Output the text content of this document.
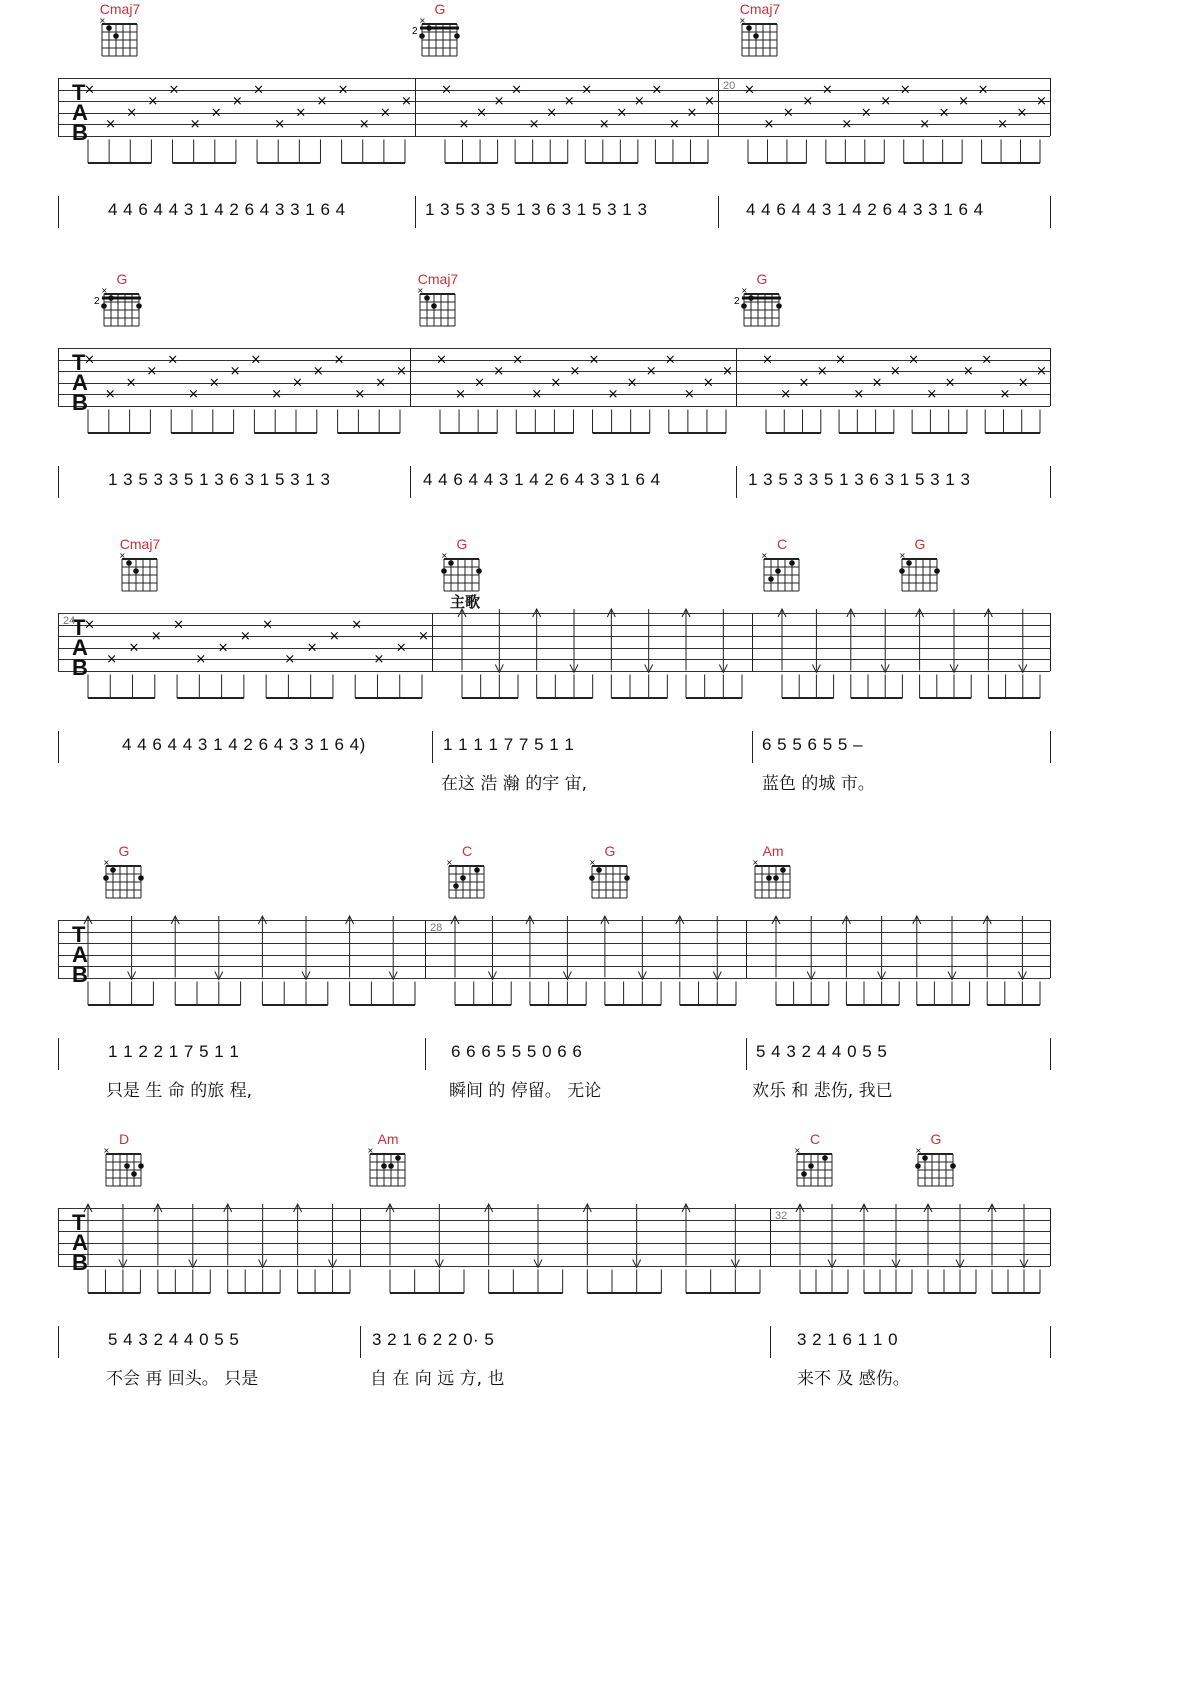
Cmaj7
×
G
2
×
Cmaj7
×
T
A
B
×
×
×
×
×
×
×
×
×
×
×
×
×
×
×
×
×
×
×
×
×
×
×
×
×
×
×
×
×
×
×
×
×
×
×
×
×
×
×
×
×
×
×
×
×
×
×
×
20
4 4 6 4 4 3 1 4 2 6 4 3 3 1 6 4	1 3 5 3 3 5 1 3 6 3 1 5 3 1 3	4 4 6 4 4 3 1 4 2 6 4 3 3 1 6 4
G
2
×
Cmaj7
×
G
2
×
T
A
B
×
×
×
×
×
×
×
×
×
×
×
×
×
×
×
×
×
×
×
×
×
×
×
×
×
×
×
×
×
×
×
×
×
×
×
×
×
×
×
×
×
×
×
×
×
×
×
×
1 3 5 3 3 5 1 3 6 3 1 5 3 1 3	4 4 6 4 4 3 1 4 2 6 4 3 3 1 6 4	1 3 5 3 3 5 1 3 6 3 1 5 3 1 3
Cmaj7
×
G
×
C
×
G
×
T
A
B
×
×
×
×
×
×
×
×
×
×
×
×
×
×
×
×
24
4 4 6 4 4 3 1 4 2 6 4 3 3 1 6 4)	1 1 1 1 7 7 5 1 1	6 5 5 6 5 5 –
在这 浩 瀚 的宇 宙,	蓝色 的城 市。
主歌
G
×
C
×
G
×
Am
×
T
A
B
28
1 1 2 2 1 7 5 1 1	6 6 6 5 5 5 0 6 6	5 4 3 2 4 4 0 5 5
只是 生 命 的旅 程,	瞬间 的 停留。 无论	欢乐 和 悲伤, 我已
D
×
Am
×
C
×
G
×
T
A
B
32
5 4 3 2 4 4 0 5 5	3 2 1 6 2 2 0· 5	3 2 1 6 1 1 0
不会 再 回头。 只是	自 在 向 远 方, 也	来不 及 感伤。
